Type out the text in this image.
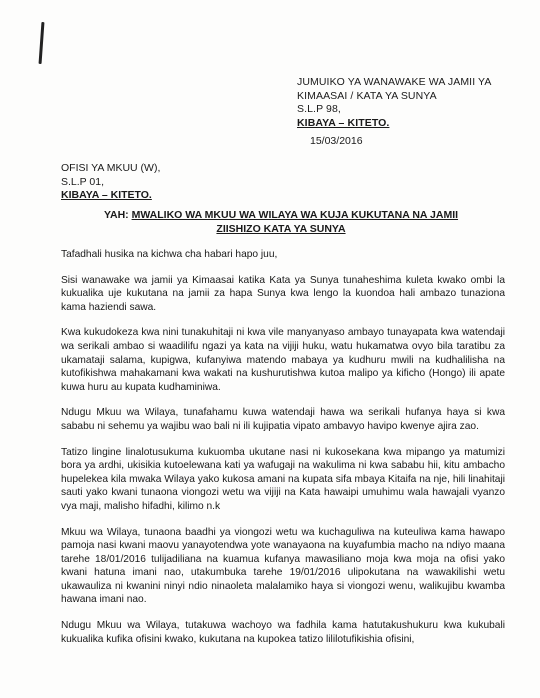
JUMUIKO YA WANAWAKE WA JAMII YA
KIMAASAI / KATA YA SUNYA
S.L.P 98,
KIBAYA – KITETO.
15/03/2016
OFISI YA MKUU (W),
S.L.P 01,
KIBAYA – KITETO.
YAH: MWALIKO WA MKUU WA WILAYA WA KUJA KUKUTANA NA JAMII
ZIISHIZO KATA YA SUNYA

Tafadhali husika na kichwa cha habari hapo juu,

Sisi wanawake wa jamii ya Kimaasai katika Kata ya Sunya tunaheshima kuleta kwako ombi la kukualika uje kukutana na jamii za hapa Sunya kwa lengo la kuondoa hali ambazo tunaziona kama haziendi sawa.

Kwa kukudokeza kwa nini tunakuhitaji ni kwa vile manyanyaso ambayo tunayapata kwa watendaji wa serikali ambao si waadilifu ngazi ya kata na vijiji huku, watu hukamatwa ovyo bila taratibu za ukamataji salama, kupigwa, kufanyiwa matendo mabaya ya kudhuru mwili na kudhalilisha na kutofikishwa mahakamani kwa wakati na kushurutishwa kutoa malipo ya kificho (Hongo) ili apate kuwa huru au kupata kudhaminiwa.

Ndugu Mkuu wa Wilaya, tunafahamu kuwa watendaji hawa wa serikali hufanya haya si kwa sababu ni sehemu ya wajibu wao bali ni ili kujipatia vipato ambavyo havipo kwenye ajira zao.

Tatizo lingine linalotusukuma kukuomba ukutane nasi ni kukosekana kwa mipango ya matumizi bora ya ardhi, ukisikia kutoelewana kati ya wafugaji na wakulima ni kwa sababu hii, kitu ambacho hupelekea kila mwaka Wilaya yako kukosa amani na kupata sifa mbaya Kitaifa na nje, hili linahitaji sauti yako kwani tunaona viongozi wetu wa vijiji na Kata hawaipi umuhimu wala hawajali vyanzo vya maji, malisho hifadhi, kilimo n.k

Mkuu wa Wilaya, tunaona baadhi ya viongozi wetu wa kuchaguliwa na kuteuliwa kama hawapo pamoja nasi kwani maovu yanayotendwa yote wanayaona na kuyafumbia macho na ndiyo maana tarehe 18/01/2016 tulijadiliana na kuamua kufanya mawasiliano moja kwa moja na ofisi yako kwani hatuna imani nao, utakumbuka tarehe 19/01/2016 ulipokutana na wawakilishi wetu ukawauliza ni kwanini ninyi ndio ninaoleta malalamiko haya si viongozi wenu, walikujibu kwamba hawana imani nao.

Ndugu Mkuu wa Wilaya, tutakuwa wachoyo wa fadhila kama hatutakushukuru kwa kukubali kukualika kufika ofisini kwako, kukutana na kupokea tatizo lililotufikishia ofisini,
